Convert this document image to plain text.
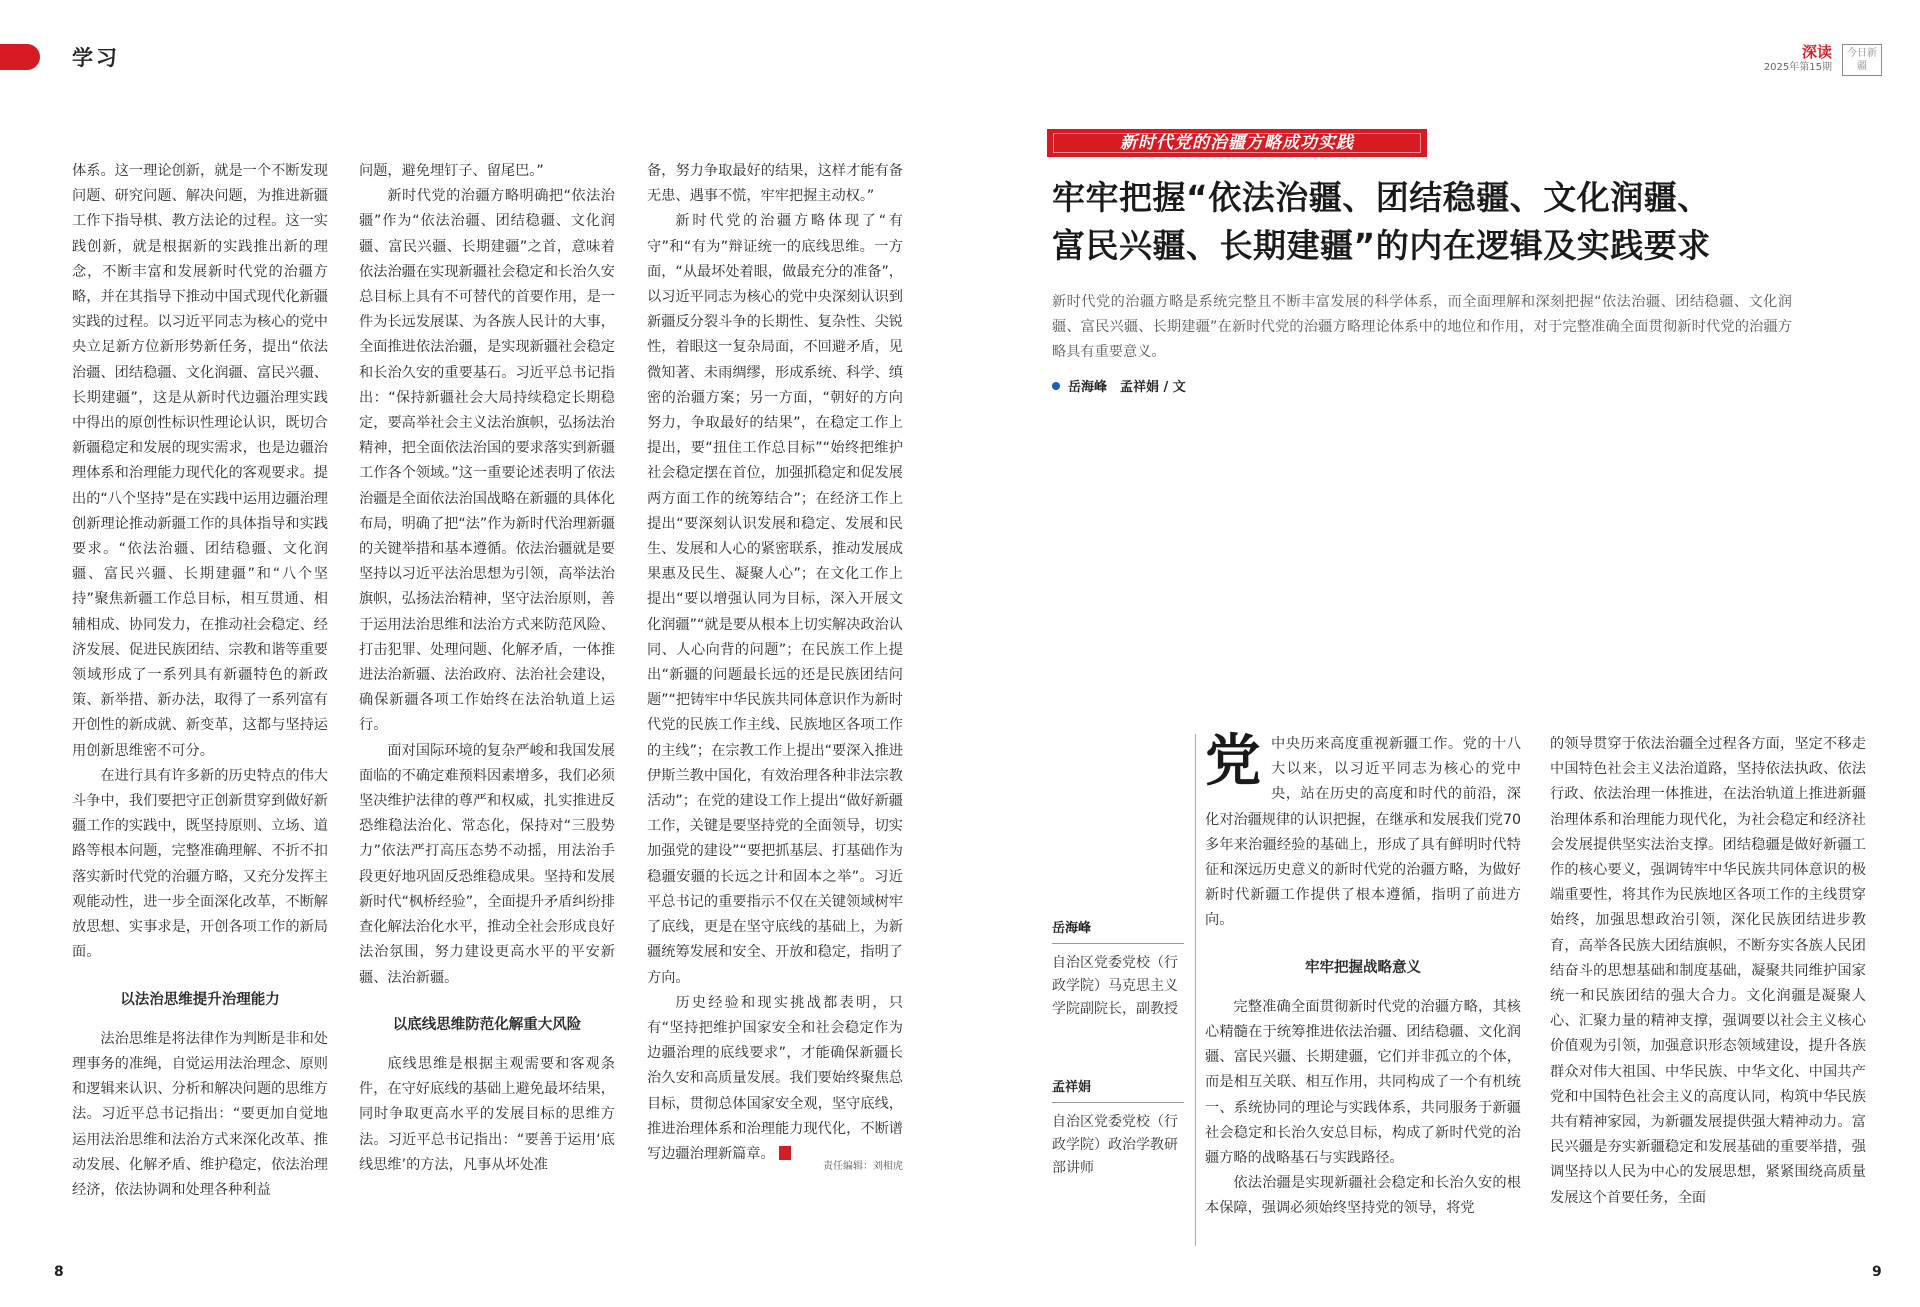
学习	深读
2025年第15期
今日新疆

体系。这一理论创新，就是一个不断发现问题、研究问题、解决问题，为推进新疆工作下指导棋、教方法论的过程。这一实践创新，就是根据新的实践推出新的理念，不断丰富和发展新时代党的治疆方略，并在其指导下推动中国式现代化新疆实践的过程。以习近平同志为核心的党中央立足新方位新形势新任务，提出“依法治疆、团结稳疆、文化润疆、富民兴疆、长期建疆”，这是从新时代边疆治理实践中得出的原创性标识性理论认识，既切合新疆稳定和发展的现实需求，也是边疆治理体系和治理能力现代化的客观要求。提出的“八个坚持”是在实践中运用边疆治理创新理论推动新疆工作的具体指导和实践要求。“依法治疆、团结稳疆、文化润疆、富民兴疆、长期建疆”和“八个坚持”聚焦新疆工作总目标，相互贯通、相辅相成、协同发力，在推动社会稳定、经济发展、促进民族团结、宗教和谐等重要领域形成了一系列具有新疆特色的新政策、新举措、新办法，取得了一系列富有开创性的新成就、新变革，这都与坚持运用创新思维密不可分。

在进行具有许多新的历史特点的伟大斗争中，我们要把守正创新贯穿到做好新疆工作的实践中，既坚持原则、立场、道路等根本问题，完整准确理解、不折不扣落实新时代党的治疆方略，又充分发挥主观能动性，进一步全面深化改革，不断解放思想、实事求是，开创各项工作的新局面。

以法治思维提升治理能力

法治思维是将法律作为判断是非和处理事务的准绳，自觉运用法治理念、原则和逻辑来认识、分析和解决问题的思维方法。习近平总书记指出：“要更加自觉地运用法治思维和法治方式来深化改革、推动发展、化解矛盾、维护稳定，依法治理经济，依法协调和处理各种利益

问题，避免埋钉子、留尾巴。”

新时代党的治疆方略明确把“依法治疆”作为“依法治疆、团结稳疆、文化润疆、富民兴疆、长期建疆”之首，意味着依法治疆在实现新疆社会稳定和长治久安总目标上具有不可替代的首要作用，是一件为长远发展谋、为各族人民计的大事，全面推进依法治疆，是实现新疆社会稳定和长治久安的重要基石。习近平总书记指出：“保持新疆社会大局持续稳定长期稳定，要高举社会主义法治旗帜，弘扬法治精神，把全面依法治国的要求落实到新疆工作各个领域。”这一重要论述表明了依法治疆是全面依法治国战略在新疆的具体化布局，明确了把“法”作为新时代治理新疆的关键举措和基本遵循。依法治疆就是要坚持以习近平法治思想为引领，高举法治旗帜，弘扬法治精神，坚守法治原则，善于运用法治思维和法治方式来防范风险、打击犯罪、处理问题、化解矛盾，一体推进法治新疆、法治政府、法治社会建设，确保新疆各项工作始终在法治轨道上运行。

面对国际环境的复杂严峻和我国发展面临的不确定难预料因素增多，我们必须坚决维护法律的尊严和权威，扎实推进反恐维稳法治化、常态化，保持对“三股势力”依法严打高压态势不动摇，用法治手段更好地巩固反恐维稳成果。坚持和发展新时代“枫桥经验”，全面提升矛盾纠纷排查化解法治化水平，推动全社会形成良好法治氛围，努力建设更高水平的平安新疆、法治新疆。

以底线思维防范化解重大风险

底线思维是根据主观需要和客观条件，在守好底线的基础上避免最坏结果，同时争取更高水平的发展目标的思维方法。习近平总书记指出：“要善于运用‘底线思维’的方法，凡事从坏处准

备，努力争取最好的结果，这样才能有备无患、遇事不慌，牢牢把握主动权。”

新时代党的治疆方略体现了“有守”和“有为”辩证统一的底线思维。一方面，“从最坏处着眼，做最充分的准备”，以习近平同志为核心的党中央深刻认识到新疆反分裂斗争的长期性、复杂性、尖锐性，着眼这一复杂局面，不回避矛盾，见微知著、未雨绸缪，形成系统、科学、缜密的治疆方案；另一方面，“朝好的方向努力，争取最好的结果”，在稳定工作上提出，要“扭住工作总目标”“始终把维护社会稳定摆在首位，加强抓稳定和促发展两方面工作的统筹结合”；在经济工作上提出“要深刻认识发展和稳定、发展和民生、发展和人心的紧密联系，推动发展成果惠及民生、凝聚人心”；在文化工作上提出“要以增强认同为目标，深入开展文化润疆”“就是要从根本上切实解决政治认同、人心向背的问题”；在民族工作上提出“新疆的问题最长远的还是民族团结问题”“把铸牢中华民族共同体意识作为新时代党的民族工作主线、民族地区各项工作的主线”；在宗教工作上提出“要深入推进伊斯兰教中国化，有效治理各种非法宗教活动”；在党的建设工作上提出“做好新疆工作，关键是要坚持党的全面领导，切实加强党的建设”“要把抓基层、打基础作为稳疆安疆的长远之计和固本之举”。习近平总书记的重要指示不仅在关键领域树牢了底线，更是在坚守底线的基础上，为新疆统筹发展和安全、开放和稳定，指明了方向。

历史经验和现实挑战都表明，只有“坚持把维护国家安全和社会稳定作为边疆治理的底线要求”，才能确保新疆长治久安和高质量发展。我们要始终聚焦总目标，贯彻总体国家安全观，坚守底线，推进治理体系和治理能力现代化，不断谱写边疆治理新篇章。

责任编辑：刘相虎
8
新时代党的治疆方略成功实践
牢牢把握“依法治疆、团结稳疆、文化润疆、
富民兴疆、长期建疆”的内在逻辑及实践要求
新时代党的治疆方略是系统完整且不断丰富发展的科学体系，而全面理解和深刻把握“依法治疆、团结稳疆、文化润疆、富民兴疆、长期建疆”在新时代党的治疆方略理论体系中的地位和作用，对于完整准确全面贯彻新时代党的治疆方略具有重要意义。
岳海峰　孟祥娟 / 文
岳海峰
自治区党委党校（行政学院）马克思主义学院副院长，副教授
孟祥娟
自治区党委党校（行政学院）政治学教研部讲师

党中央历来高度重视新疆工作。党的十八大以来，以习近平同志为核心的党中央，站在历史的高度和时代的前沿，深化对治疆规律的认识把握，在继承和发展我们党70多年来治疆经验的基础上，形成了具有鲜明时代特征和深远历史意义的新时代党的治疆方略，为做好新时代新疆工作提供了根本遵循，指明了前进方向。

牢牢把握战略意义

完整准确全面贯彻新时代党的治疆方略，其核心精髓在于统筹推进依法治疆、团结稳疆、文化润疆、富民兴疆、长期建疆，它们并非孤立的个体，而是相互关联、相互作用，共同构成了一个有机统一、系统协同的理论与实践体系，共同服务于新疆社会稳定和长治久安总目标，构成了新时代党的治疆方略的战略基石与实践路径。

依法治疆是实现新疆社会稳定和长治久安的根本保障，强调必须始终坚持党的领导，将党

的领导贯穿于依法治疆全过程各方面，坚定不移走中国特色社会主义法治道路，坚持依法执政、依法行政、依法治理一体推进，在法治轨道上推进新疆治理体系和治理能力现代化，为社会稳定和经济社会发展提供坚实法治支撑。团结稳疆是做好新疆工作的核心要义，强调铸牢中华民族共同体意识的极端重要性，将其作为民族地区各项工作的主线贯穿始终，加强思想政治引领，深化民族团结进步教育，高举各民族大团结旗帜，不断夯实各族人民团结奋斗的思想基础和制度基础，凝聚共同维护国家统一和民族团结的强大合力。文化润疆是凝聚人心、汇聚力量的精神支撑，强调要以社会主义核心价值观为引领，加强意识形态领域建设，提升各族群众对伟大祖国、中华民族、中华文化、中国共产党和中国特色社会主义的高度认同，构筑中华民族共有精神家园，为新疆发展提供强大精神动力。富民兴疆是夯实新疆稳定和发展基础的重要举措，强调坚持以人民为中心的发展思想，紧紧围绕高质量发展这个首要任务，全面

9
